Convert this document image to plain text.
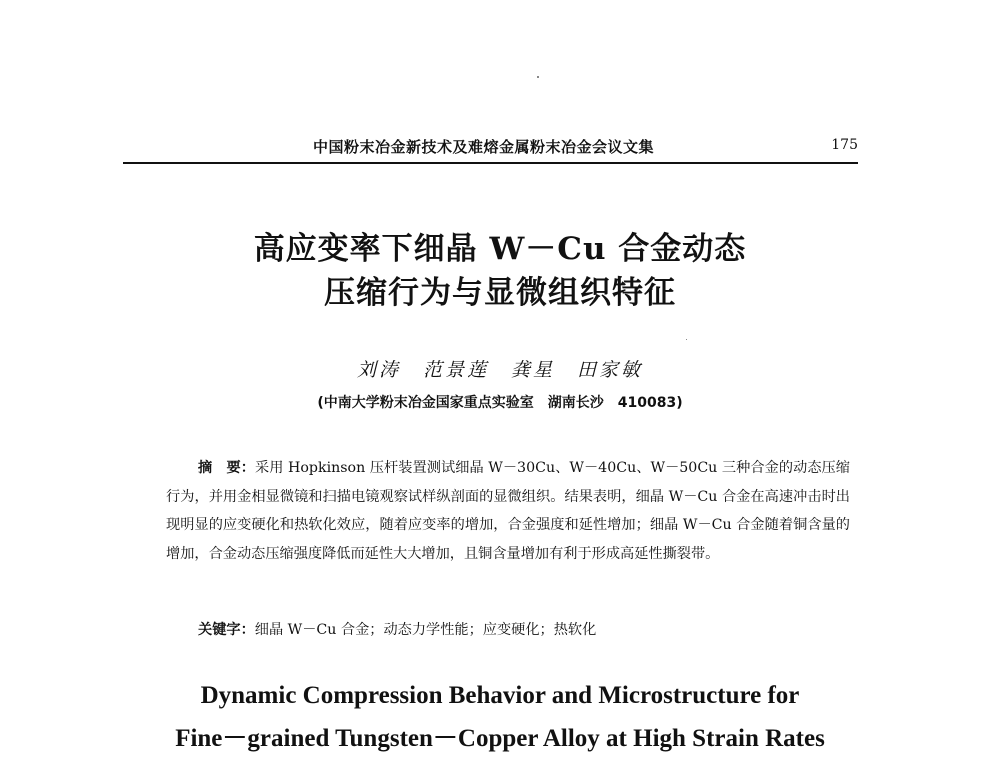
中国粉末冶金新技术及难熔金属粉末冶金会议文集	175
高应变率下细晶 W－Cu 合金动态
压缩行为与显微组织特征
刘涛　范景莲　龚星　田家敏
(中南大学粉末冶金国家重点实验室　湖南长沙　410083)
摘　要：采用 Hopkinson 压杆装置测试细晶 W－30Cu、W－40Cu、W－50Cu 三种合金的动态压缩行为，并用金相显微镜和扫描电镜观察试样纵剖面的显微组织。结果表明，细晶 W－Cu 合金在高速冲击时出现明显的应变硬化和热软化效应，随着应变率的增加，合金强度和延性增加；细晶 W－Cu 合金随着铜含量的增加，合金动态压缩强度降低而延性大大增加，且铜含量增加有利于形成高延性撕裂带。
关键字：细晶 W－Cu 合金；动态力学性能；应变硬化；热软化
Dynamic Compression Behavior and Microstructure for
Fine－grained Tungsten－Copper Alloy at High Strain Rates
